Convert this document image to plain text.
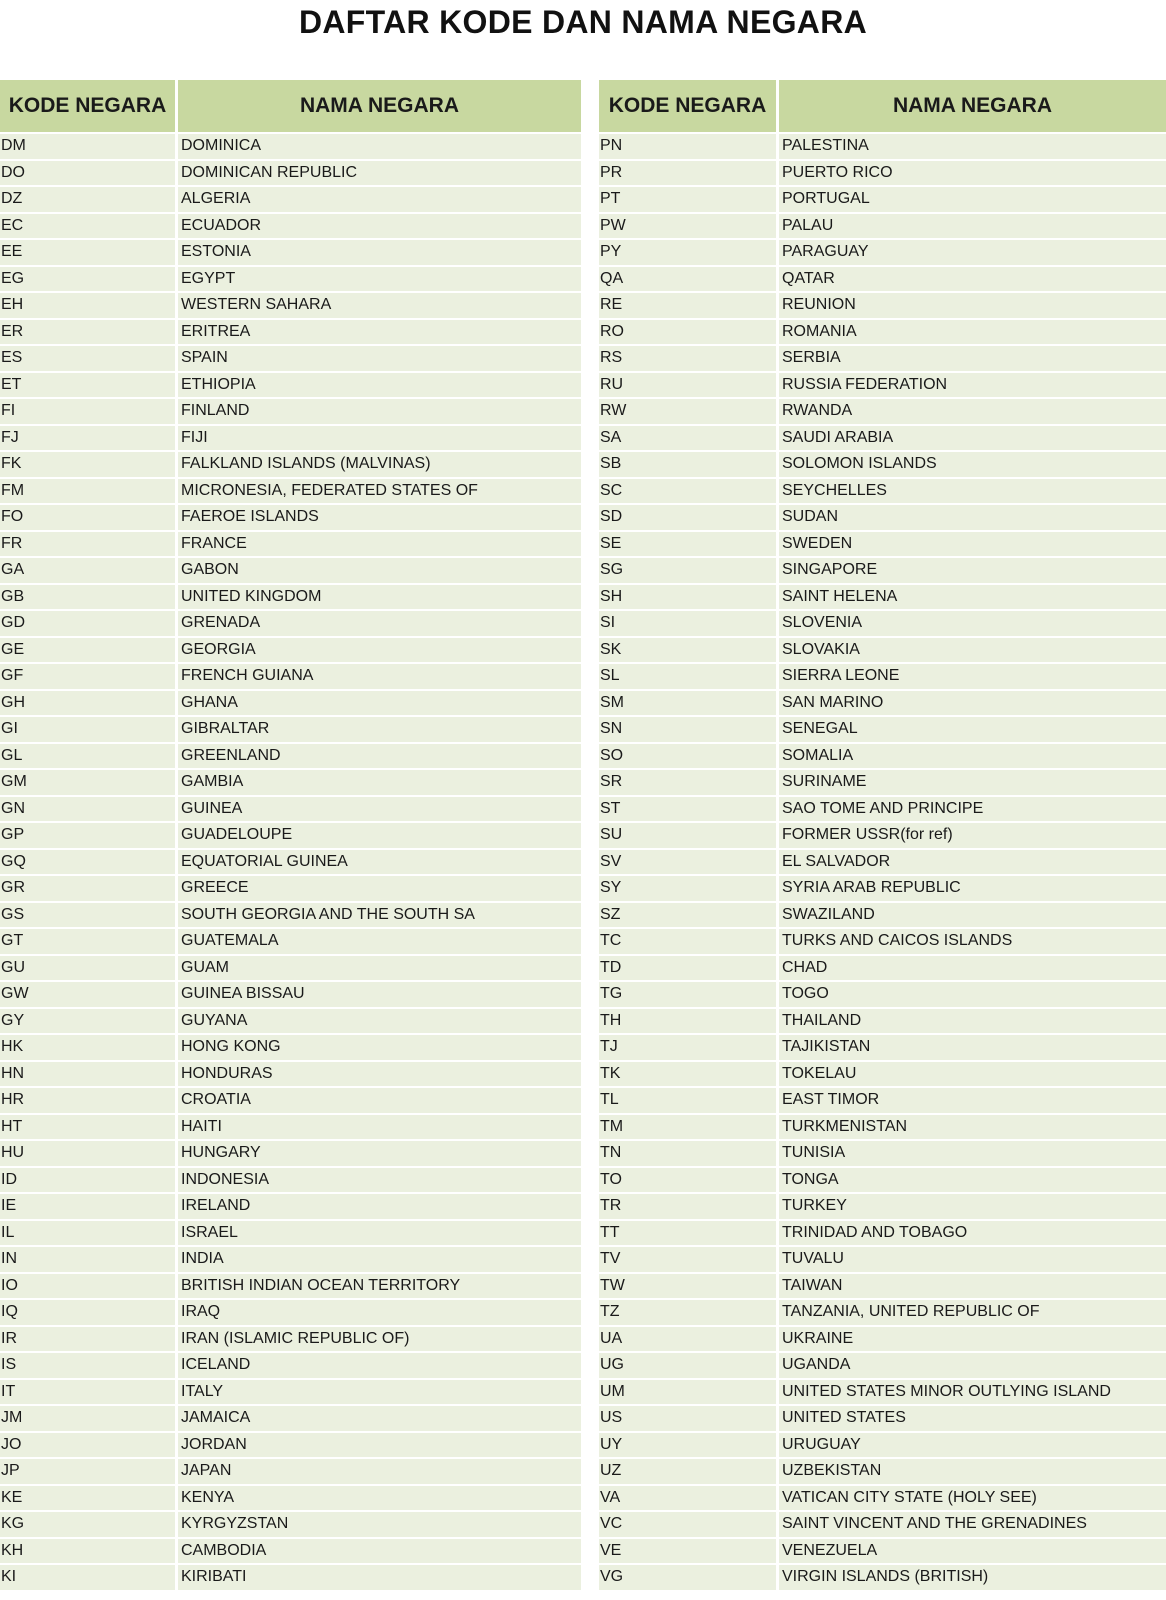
DAFTAR KODE DAN NAMA NEGARA
KODE NEGARA	NAMA NEGARA
DM	DOMINICA
DO	DOMINICAN REPUBLIC
DZ	ALGERIA
EC	ECUADOR
EE	ESTONIA
EG	EGYPT
EH	WESTERN SAHARA
ER	ERITREA
ES	SPAIN
ET	ETHIOPIA
FI	FINLAND
FJ	FIJI
FK	FALKLAND ISLANDS (MALVINAS)
FM	MICRONESIA, FEDERATED STATES OF
FO	FAEROE ISLANDS
FR	FRANCE
GA	GABON
GB	UNITED KINGDOM
GD	GRENADA
GE	GEORGIA
GF	FRENCH GUIANA
GH	GHANA
GI	GIBRALTAR
GL	GREENLAND
GM	GAMBIA
GN	GUINEA
GP	GUADELOUPE
GQ	EQUATORIAL GUINEA
GR	GREECE
GS	SOUTH GEORGIA AND THE SOUTH SA
GT	GUATEMALA
GU	GUAM
GW	GUINEA BISSAU
GY	GUYANA
HK	HONG KONG
HN	HONDURAS
HR	CROATIA
HT	HAITI
HU	HUNGARY
ID	INDONESIA
IE	IRELAND
IL	ISRAEL
IN	INDIA
IO	BRITISH INDIAN OCEAN TERRITORY
IQ	IRAQ
IR	IRAN (ISLAMIC REPUBLIC OF)
IS	ICELAND
IT	ITALY
JM	JAMAICA
JO	JORDAN
JP	JAPAN
KE	KENYA
KG	KYRGYZSTAN
KH	CAMBODIA
KI	KIRIBATI
KODE NEGARA	NAMA NEGARA
PN	PALESTINA
PR	PUERTO RICO
PT	PORTUGAL
PW	PALAU
PY	PARAGUAY
QA	QATAR
RE	REUNION
RO	ROMANIA
RS	SERBIA
RU	RUSSIA FEDERATION
RW	RWANDA
SA	SAUDI ARABIA
SB	SOLOMON ISLANDS
SC	SEYCHELLES
SD	SUDAN
SE	SWEDEN
SG	SINGAPORE
SH	SAINT HELENA
SI	SLOVENIA
SK	SLOVAKIA
SL	SIERRA LEONE
SM	SAN MARINO
SN	SENEGAL
SO	SOMALIA
SR	SURINAME
ST	SAO TOME AND PRINCIPE
SU	FORMER USSR(for ref)
SV	EL SALVADOR
SY	SYRIA ARAB REPUBLIC
SZ	SWAZILAND
TC	TURKS AND CAICOS ISLANDS
TD	CHAD
TG	TOGO
TH	THAILAND
TJ	TAJIKISTAN
TK	TOKELAU
TL	EAST TIMOR
TM	TURKMENISTAN
TN	TUNISIA
TO	TONGA
TR	TURKEY
TT	TRINIDAD AND TOBAGO
TV	TUVALU
TW	TAIWAN
TZ	TANZANIA, UNITED REPUBLIC OF
UA	UKRAINE
UG	UGANDA
UM	UNITED STATES MINOR OUTLYING ISLAND
US	UNITED STATES
UY	URUGUAY
UZ	UZBEKISTAN
VA	VATICAN CITY STATE (HOLY SEE)
VC	SAINT VINCENT AND THE GRENADINES
VE	VENEZUELA
VG	VIRGIN ISLANDS (BRITISH)
